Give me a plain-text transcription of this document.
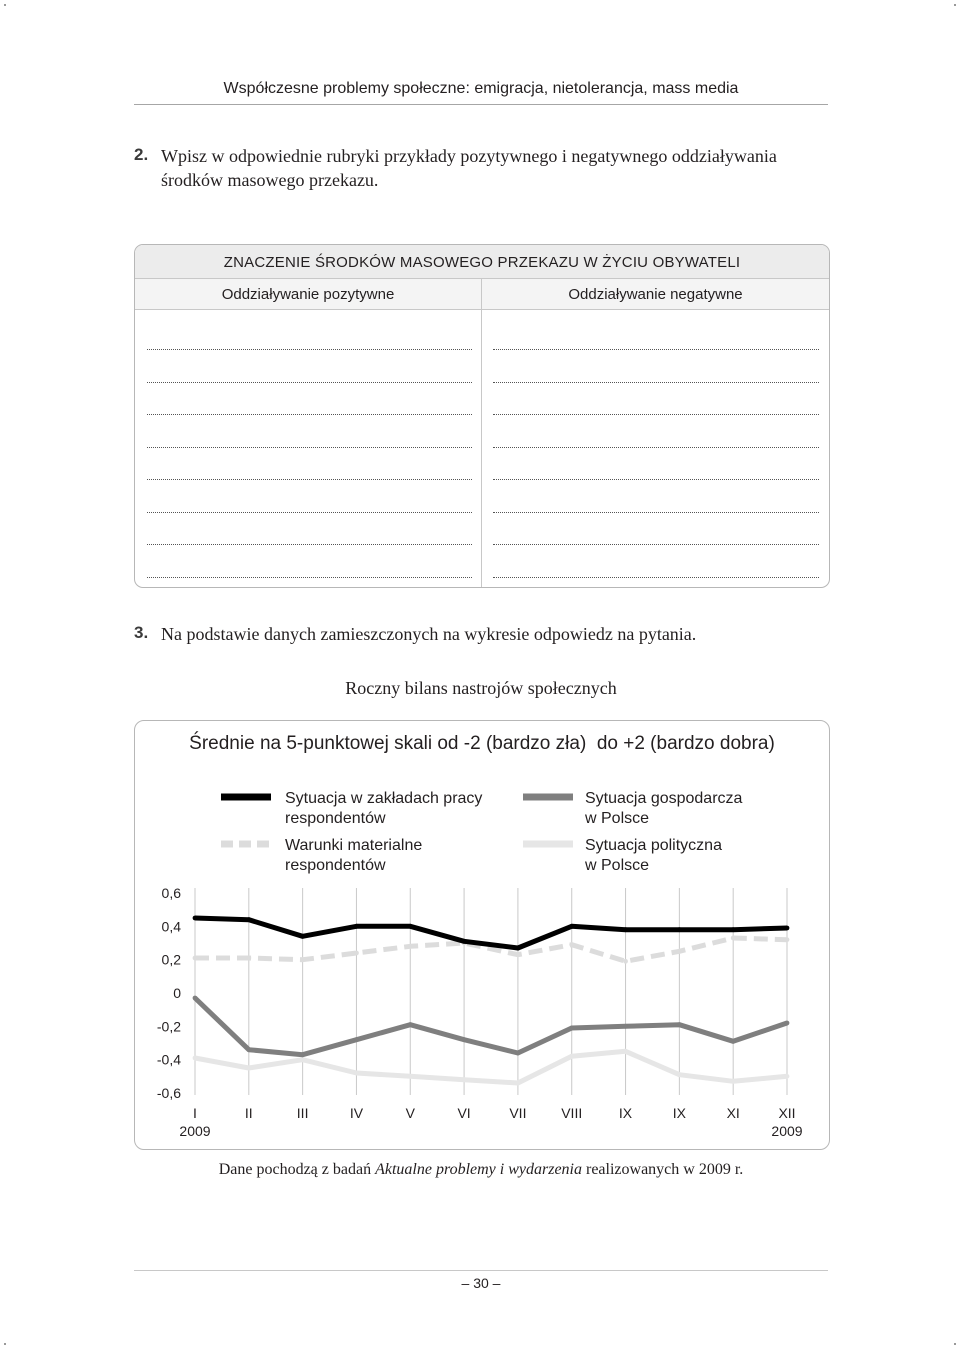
Współczesne problemy społeczne: emigracja, nietolerancja, mass media
2. Wpisz w odpowiednie rubryki przykłady pozytywnego i negatywnego oddziaływania środków masowego przekazu.
ZNACZENIE ŚRODKÓW MASOWEGO PRZEKAZU W ŻYCIU OBYWATELI
Oddziaływanie pozytywne	Oddziaływanie negatywne
3. Na podstawie danych zamieszczonych na wykresie odpowiedz na pytania.
Roczny bilans nastrojów społecznych
Średnie na 5-punktowej skali od -2 (bardzo zła)  do +2 (bardzo dobra)
Sytuacja w zakładach pracy
respondentów
Sytuacja gospodarcza
w Polsce
Warunki materialne
respondentów
Sytuacja polityczna
w Polsce
0,6
0,4
0,2
0
-0,2
-0,4
-0,6
I	II	III	IV	V	VI	VII VIII	IX	IX	XI	XII
2009	2009
Dane pochodzą z badań Aktualne problemy i wydarzenia realizowanych w 2009 r.
– 30 –
